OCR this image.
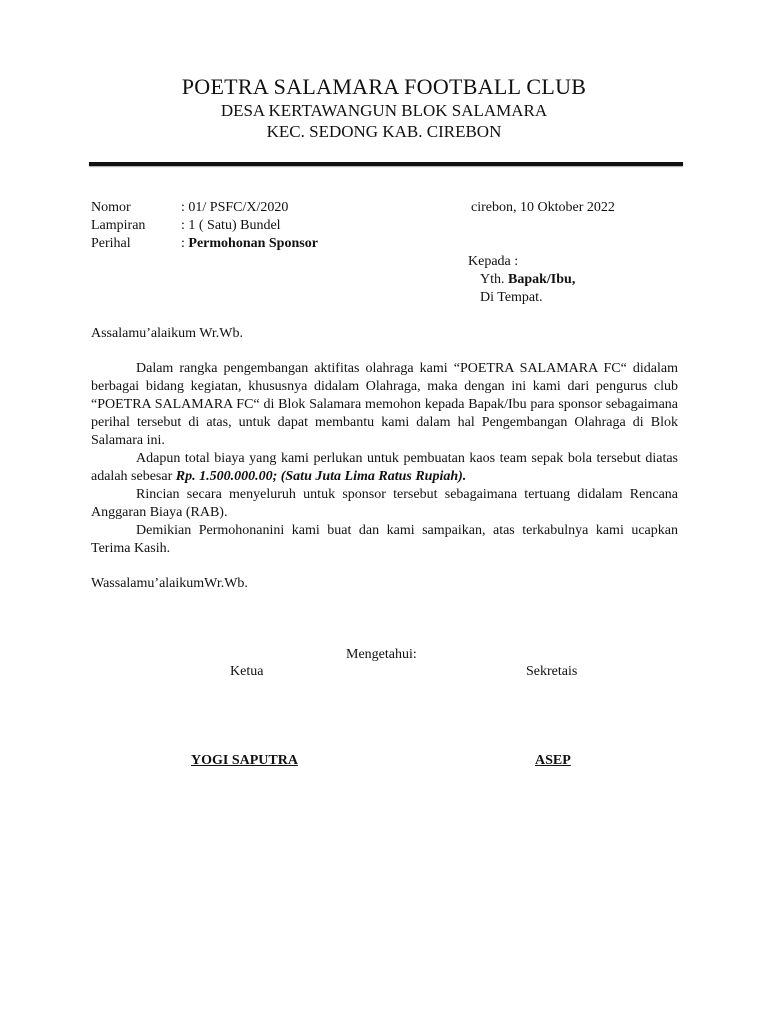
POETRA SALAMARA FOOTBALL CLUB
DESA KERTAWANGUN BLOK SALAMARA
KEC. SEDONG KAB. CIREBON
Nomor	: 01/ PSFC/X/2020	cirebon, 10 Oktober 2022
Lampiran	: 1 ( Satu) Bundel
Perihal	: Permohonan Sponsor
Kepada :
Yth. Bapak/Ibu,
Di Tempat.
Assalamu’alaikum Wr.Wb.
Dalam rangka pengembangan aktifitas olahraga kami “POETRA SALAMARA FC“ didalam berbagai bidang kegiatan, khususnya didalam Olahraga, maka dengan ini kami dari pengurus club “POETRA SALAMARA FC“ di Blok Salamara memohon kepada Bapak/Ibu para sponsor sebagaimana perihal tersebut di atas, untuk dapat membantu kami dalam hal Pengembangan Olahraga di Blok Salamara ini.
Adapun total biaya yang kami perlukan untuk pembuatan kaos team sepak bola tersebut diatas adalah sebesar Rp. 1.500.000.00; (Satu Juta Lima Ratus Rupiah).
Rincian secara menyeluruh untuk sponsor tersebut sebagaimana tertuang didalam Rencana Anggaran Biaya (RAB).
Demikian Permohonanini kami buat dan kami sampaikan, atas terkabulnya kami ucapkan Terima Kasih.
Wassalamu’alaikumWr.Wb.
Mengetahui:
Ketua	Sekretais
YOGI SAPUTRA	ASEP
